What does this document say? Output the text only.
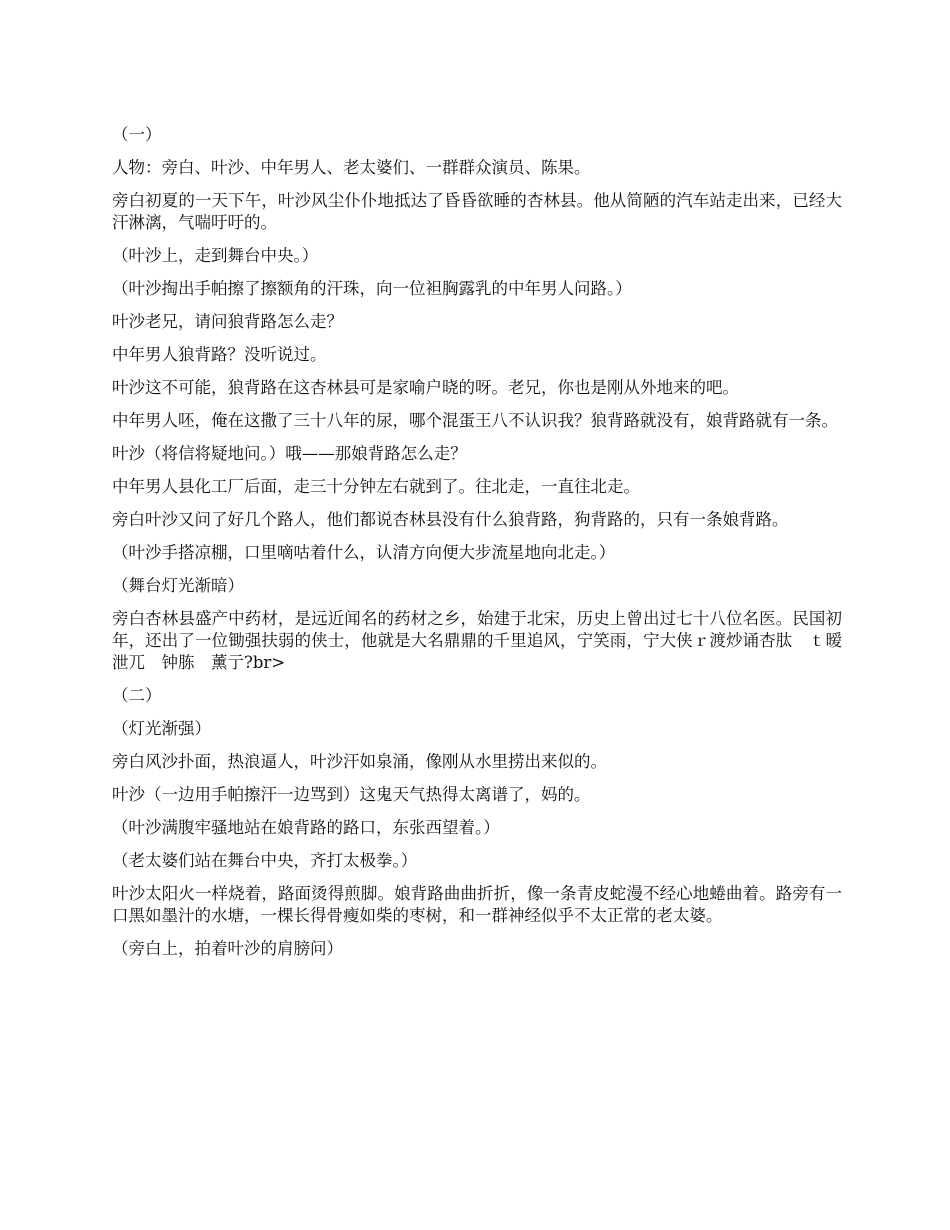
（一）

人物：旁白、叶沙、中年男人、老太婆们、一群群众演员、陈果。

旁白初夏的一天下午，叶沙风尘仆仆地抵达了昏昏欲睡的杏林县。他从简陋的汽车站走出来，已经大汗淋漓，气喘吁吁的。

（叶沙上，走到舞台中央。）

（叶沙掏出手帕擦了擦额角的汗珠，向一位袒胸露乳的中年男人问路。）

叶沙老兄，请问狼背路怎么走？

中年男人狼背路？没听说过。

叶沙这不可能，狼背路在这杏林县可是家喻户晓的呀。老兄，你也是刚从外地来的吧。

中年男人呸，俺在这撒了三十八年的尿，哪个混蛋王八不认识我？狼背路就没有，娘背路就有一条。

叶沙（将信将疑地问。）哦——那娘背路怎么走？

中年男人县化工厂后面，走三十分钟左右就到了。往北走，一直往北走。

旁白叶沙又问了好几个路人，他们都说杏林县没有什么狼背路，狗背路的，只有一条娘背路。

（叶沙手搭凉棚，口里嘀咕着什么，认清方向便大步流星地向北走。）

（舞台灯光渐暗）

旁白杏林县盛产中药材，是远近闻名的药材之乡，始建于北宋，历史上曾出过七十八位名医。民国初年，还出了一位锄强扶弱的侠士，他就是大名鼎鼎的千里追风，宁笑雨，宁大侠ｒ渡炒诵杏肽　ｔ暧泄兀　钟胨　薰亍?br>

（二）

（灯光渐强）

旁白风沙扑面，热浪逼人，叶沙汗如泉涌，像刚从水里捞出来似的。

叶沙（一边用手帕擦汗一边骂到）这鬼天气热得太离谱了，妈的。

（叶沙满腹牢骚地站在娘背路的路口，东张西望着。）

（老太婆们站在舞台中央，齐打太极拳。）

叶沙太阳火一样烧着，路面烫得煎脚。娘背路曲曲折折，像一条青皮蛇漫不经心地蜷曲着。路旁有一口黑如墨汁的水塘，一棵长得骨瘦如柴的枣树，和一群神经似乎不太正常的老太婆。

（旁白上，拍着叶沙的肩膀问）
